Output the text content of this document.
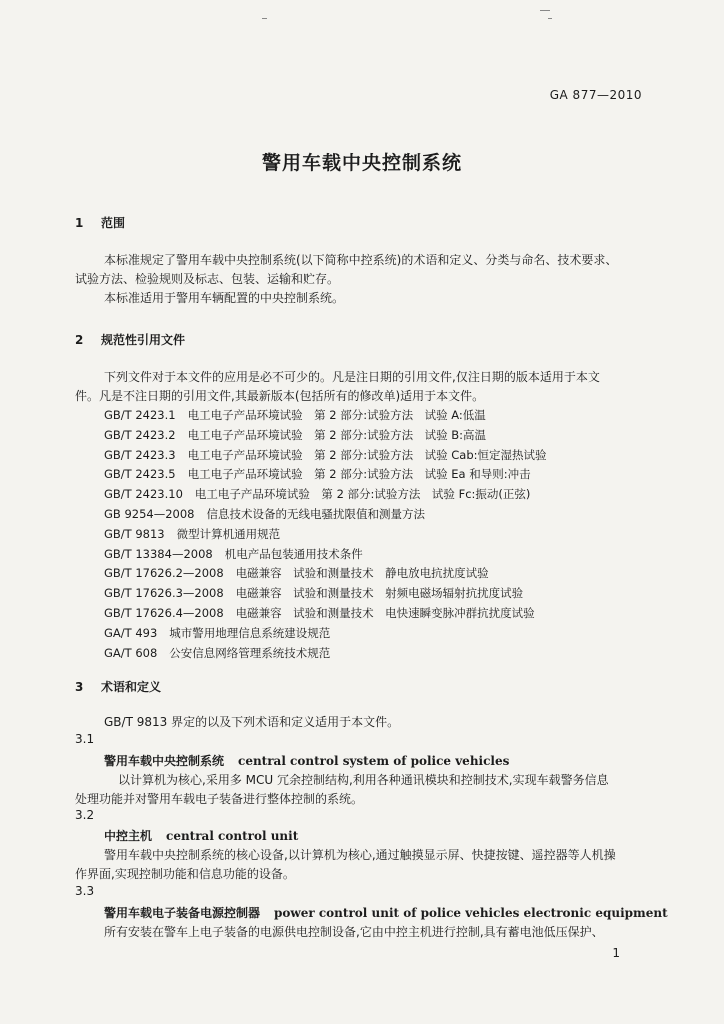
GA 877—2010
警用车载中央控制系统
1 范围
本标准规定了警用车载中央控制系统(以下简称中控系统)的术语和定义、分类与命名、技术要求、
试验方法、检验规则及标志、包装、运输和贮存。
本标准适用于警用车辆配置的中央控制系统。
2 规范性引用文件
下列文件对于本文件的应用是必不可少的。凡是注日期的引用文件,仅注日期的版本适用于本文
件。凡是不注日期的引用文件,其最新版本(包括所有的修改单)适用于本文件。
GB/T 2423.1 电工电子产品环境试验　第 2 部分:试验方法　试验 A:低温
GB/T 2423.2 电工电子产品环境试验　第 2 部分:试验方法　试验 B:高温
GB/T 2423.3 电工电子产品环境试验　第 2 部分:试验方法　试验 Cab:恒定湿热试验
GB/T 2423.5 电工电子产品环境试验　第 2 部分:试验方法　试验 Ea 和导则:冲击
GB/T 2423.10 电工电子产品环境试验　第 2 部分:试验方法　试验 Fc:振动(正弦)
GB 9254—2008 信息技术设备的无线电骚扰限值和测量方法
GB/T 9813 微型计算机通用规范
GB/T 13384—2008 机电产品包装通用技术条件
GB/T 17626.2—2008 电磁兼容　试验和测量技术　静电放电抗扰度试验
GB/T 17626.3—2008 电磁兼容　试验和测量技术　射频电磁场辐射抗扰度试验
GB/T 17626.4—2008 电磁兼容　试验和测量技术　电快速瞬变脉冲群抗扰度试验
GA/T 493 城市警用地理信息系统建设规范
GA/T 608 公安信息网络管理系统技术规范
3 术语和定义
GB/T 9813 界定的以及下列术语和定义适用于本文件。
3.1
警用车载中央控制系统 central control system of police vehicles
以计算机为核心,采用多 MCU 冗余控制结构,利用各种通讯模块和控制技术,实现车载警务信息
处理功能并对警用车载电子装备进行整体控制的系统。
3.2
中控主机 central control unit
警用车载中央控制系统的核心设备,以计算机为核心,通过触摸显示屏、快捷按键、遥控器等人机操
作界面,实现控制功能和信息功能的设备。
3.3
警用车载电子装备电源控制器 power control unit of police vehicles electronic equipment
所有安装在警车上电子装备的电源供电控制设备,它由中控主机进行控制,具有蓄电池低压保护、
1
